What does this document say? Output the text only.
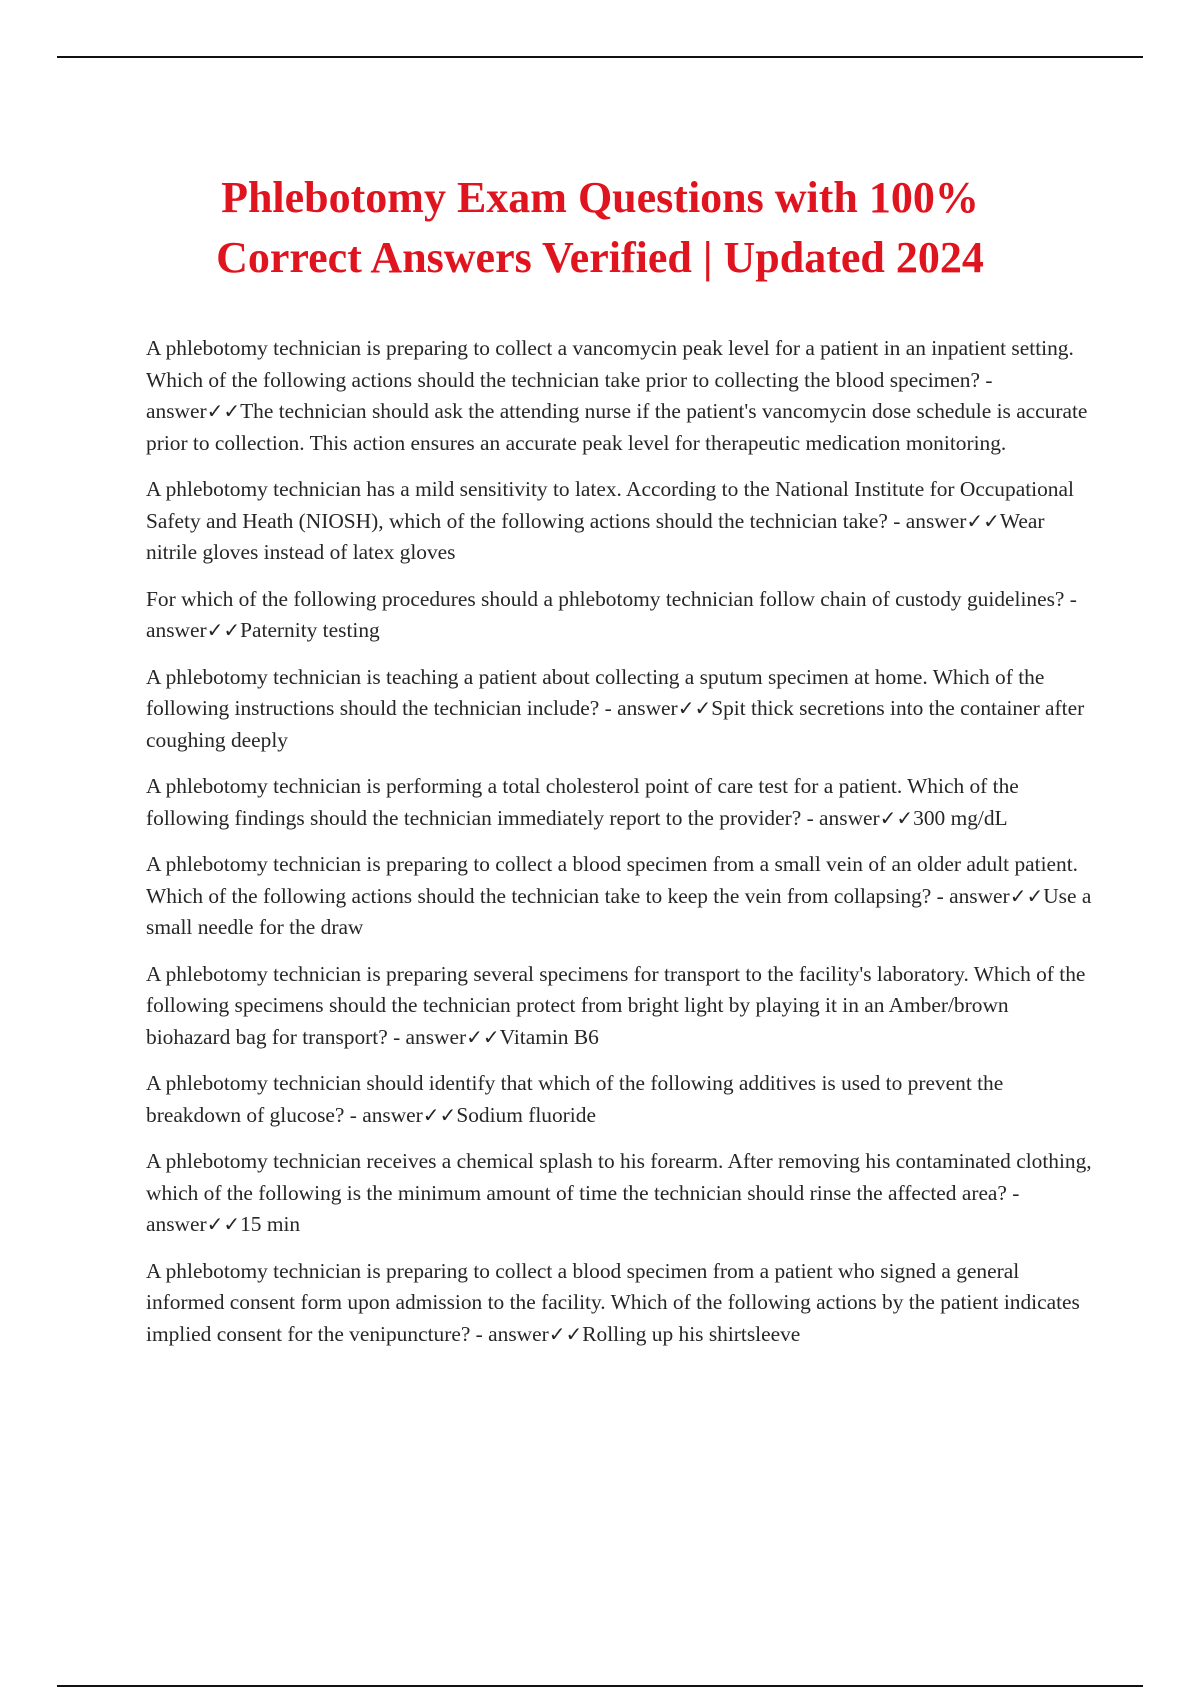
Phlebotomy Exam Questions with 100%
Correct Answers Verified | Updated 2024

A phlebotomy technician is preparing to collect a vancomycin peak level for a patient in an inpatient setting. Which of the following actions should the technician take prior to collecting the blood specimen? - answer✓✓The technician should ask the attending nurse if the patient's vancomycin dose schedule is accurate prior to collection. This action ensures an accurate peak level for therapeutic medication monitoring.

A phlebotomy technician has a mild sensitivity to latex. According to the National Institute for Occupational Safety and Heath (NIOSH), which of the following actions should the technician take? - answer✓✓Wear nitrile gloves instead of latex gloves

For which of the following procedures should a phlebotomy technician follow chain of custody guidelines? - answer✓✓Paternity testing

A phlebotomy technician is teaching a patient about collecting a sputum specimen at home. Which of the following instructions should the technician include? - answer✓✓Spit thick secretions into the container after coughing deeply

A phlebotomy technician is performing a total cholesterol point of care test for a patient. Which of the following findings should the technician immediately report to the provider? - answer✓✓300 mg/dL

A phlebotomy technician is preparing to collect a blood specimen from a small vein of an older adult patient. Which of the following actions should the technician take to keep the vein from collapsing? - answer✓✓Use a small needle for the draw

A phlebotomy technician is preparing several specimens for transport to the facility's laboratory. Which of the following specimens should the technician protect from bright light by playing it in an Amber/brown biohazard bag for transport? - answer✓✓Vitamin B6

A phlebotomy technician should identify that which of the following additives is used to prevent the breakdown of glucose? - answer✓✓Sodium fluoride

A phlebotomy technician receives a chemical splash to his forearm. After removing his contaminated clothing, which of the following is the minimum amount of time the technician should rinse the affected area? - answer✓✓15 min

A phlebotomy technician is preparing to collect a blood specimen from a patient who signed a general informed consent form upon admission to the facility. Which of the following actions by the patient indicates implied consent for the venipuncture? - answer✓✓Rolling up his shirtsleeve
